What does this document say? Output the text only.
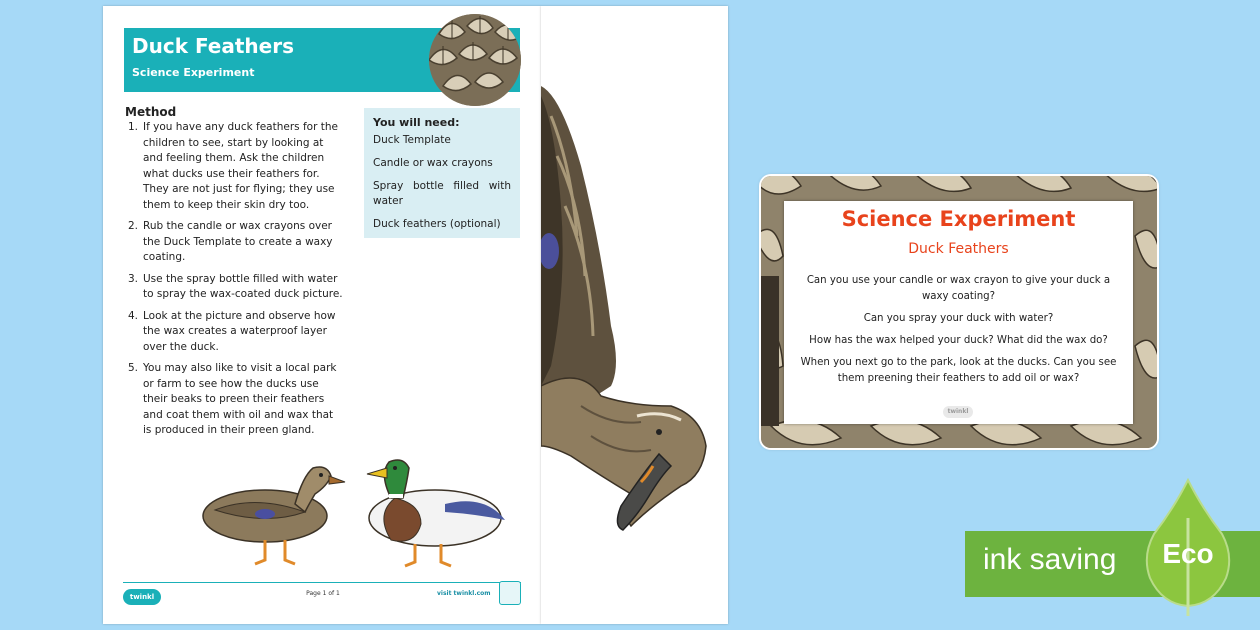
Duck Feathers
Science Experiment
Method
1. If you have any duck feathers for the children to see, start by looking at and feeling them. Ask the children what ducks use their feathers for. They are not just for flying; they use them to keep their skin dry too.
2. Rub the candle or wax crayons over the Duck Template to create a waxy coating.
3. Use the spray bottle filled with water to spray the wax-coated duck picture.
4. Look at the picture and observe how the wax creates a waterproof layer over the duck.
5. You may also like to visit a local park or farm to see how the ducks use their beaks to preen their feathers and coat them with oil and wax that is produced in their preen gland.
You will need:
Duck Template
Candle or wax crayons
Spray bottle filled with water
Duck feathers (optional)
twinkl	Page 1 of 1	visit twinkl.com
Science Experiment
Duck Feathers
Can you use your candle or wax crayon to give your duck a waxy coating?
Can you spray your duck with water?
How has the wax helped your duck? What did the wax do?
When you next go to the park, look at the ducks. Can you see them preening their feathers to add oil or wax?
twinkl
ink saving Eco
